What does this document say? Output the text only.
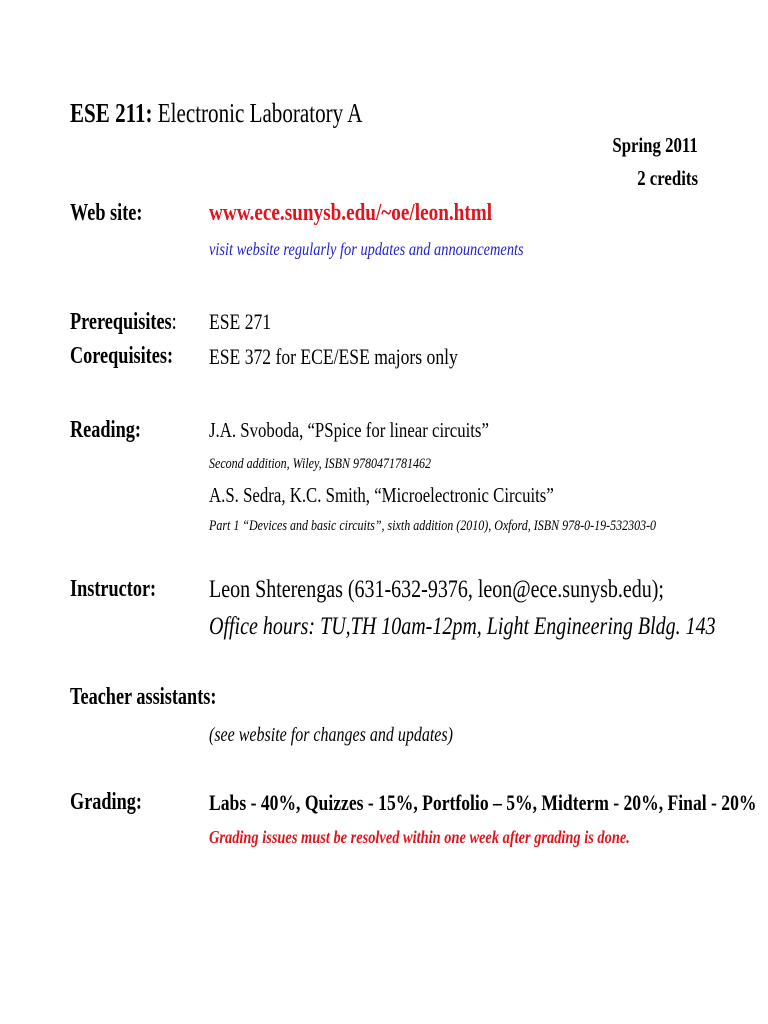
ESE 211: Electronic Laboratory A
Spring 2011
2 credits
Web site:	www.ece.sunysb.edu/~oe/leon.html
visit website regularly for updates and announcements
Prerequisites:	ESE 271
Corequisites:	ESE 372 for ECE/ESE majors only
Reading:	J.A. Svoboda, “PSpice for linear circuits”
Second addition, Wiley, ISBN 9780471781462
A.S. Sedra, K.C. Smith, “Microelectronic Circuits”
Part 1 “Devices and basic circuits”, sixth addition (2010), Oxford, ISBN 978-0-19-532303-0
Instructor:	Leon Shterengas (631-632-9376, leon@ece.sunysb.edu);
Office hours: TU,TH 10am-12pm, Light Engineering Bldg. 143
Teacher assistants:
(see website for changes and updates)
Grading:	Labs - 40%, Quizzes - 15%, Portfolio – 5%, Midterm - 20%, Final - 20%
Grading issues must be resolved within one week after grading is done.
